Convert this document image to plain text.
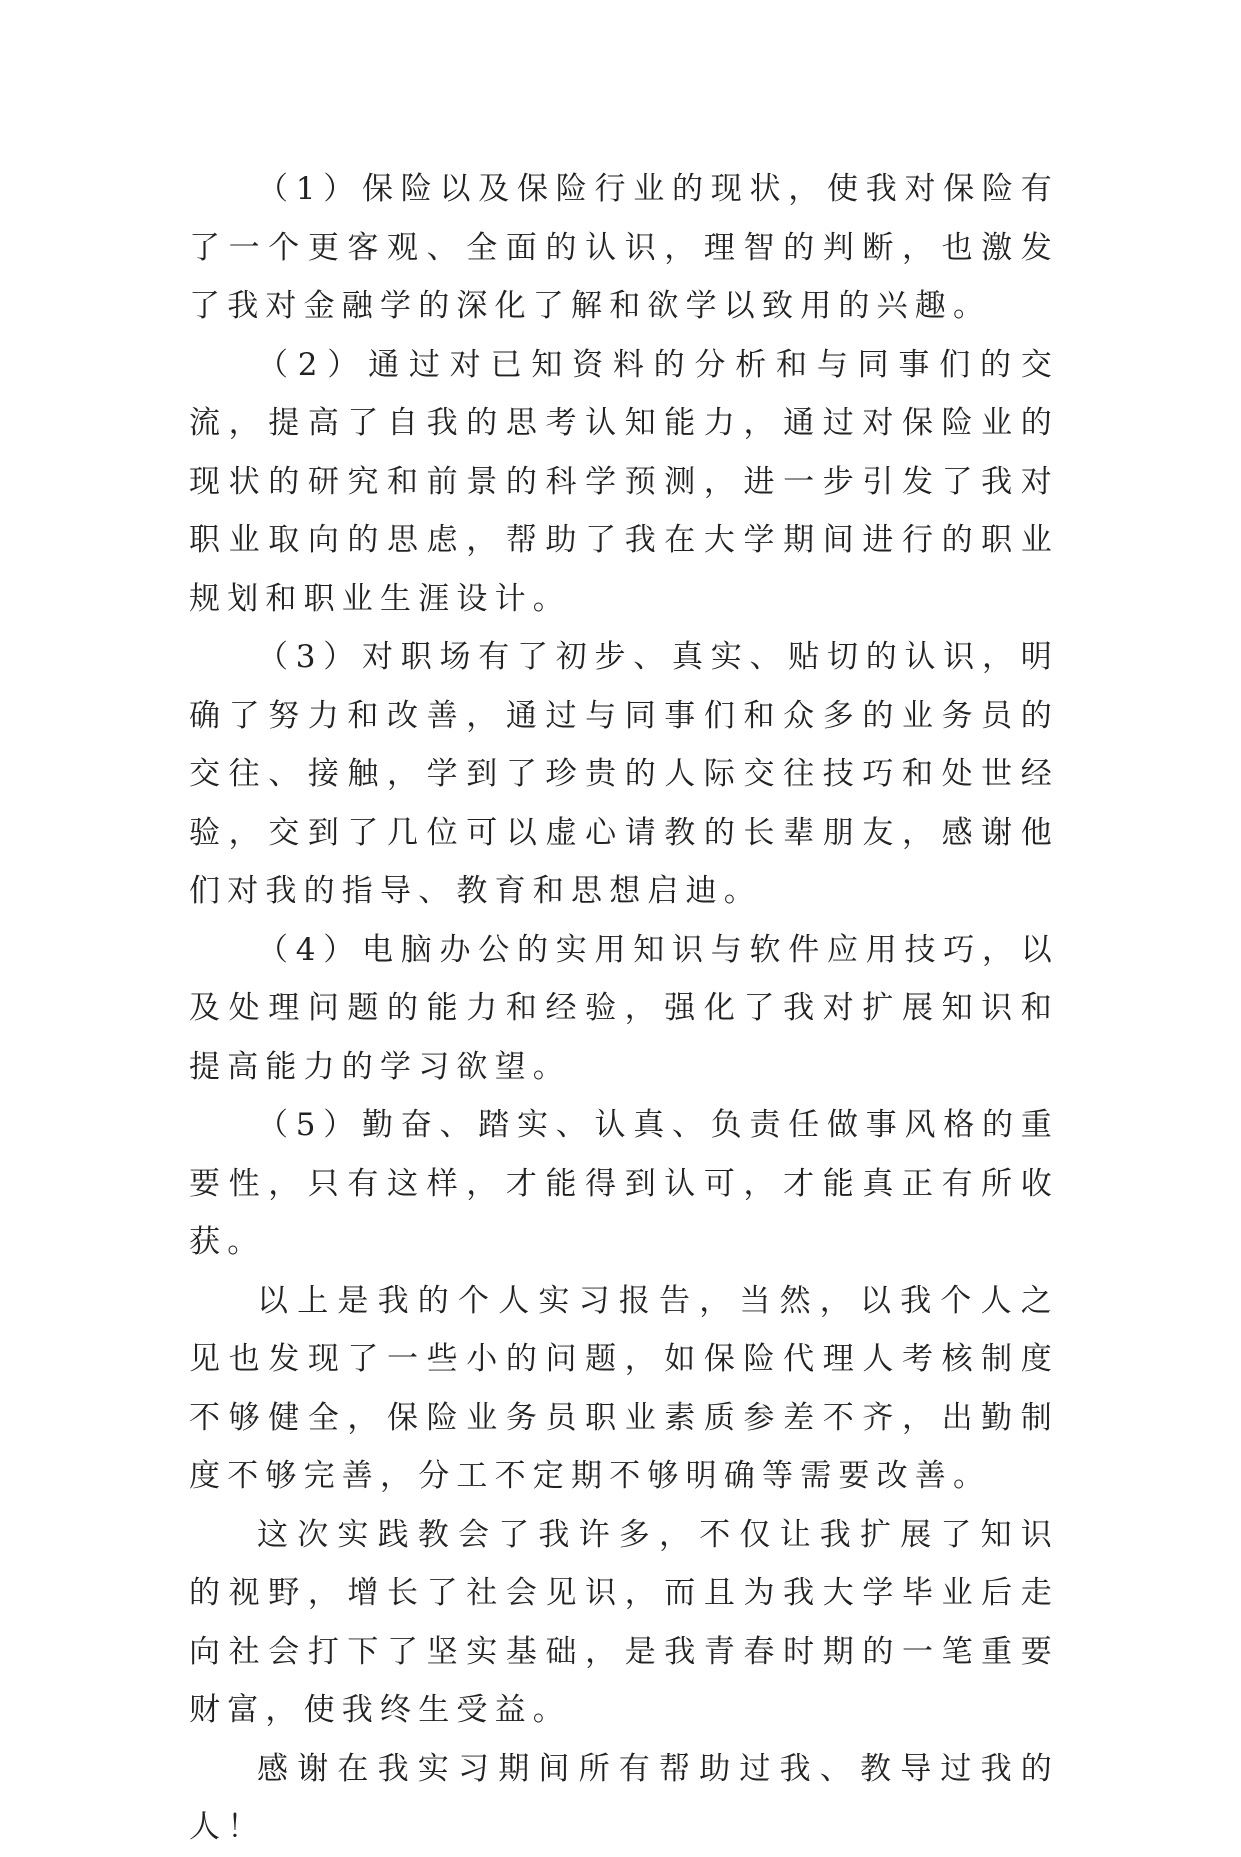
（1）保险以及保险行业的现状，使我对保险有了一个更客观、全面的认识，理智的判断，也激发了我对金融学的深化了解和欲学以致用的兴趣。

（2）通过对已知资料的分析和与同事们的交流，提高了自我的思考认知能力，通过对保险业的现状的研究和前景的科学预测，进一步引发了我对职业取向的思虑，帮助了我在大学期间进行的职业规划和职业生涯设计。

（3）对职场有了初步、真实、贴切的认识，明确了努力和改善，通过与同事们和众多的业务员的交往、接触，学到了珍贵的人际交往技巧和处世经验，交到了几位可以虚心请教的长辈朋友，感谢他们对我的指导、教育和思想启迪。

（4）电脑办公的实用知识与软件应用技巧，以及处理问题的能力和经验，强化了我对扩展知识和提高能力的学习欲望。

（5）勤奋、踏实、认真、负责任做事风格的重要性，只有这样，才能得到认可，才能真正有所收获。

以上是我的个人实习报告，当然，以我个人之见也发现了一些小的问题，如保险代理人考核制度不够健全，保险业务员职业素质参差不齐，出勤制度不够完善，分工不定期不够明确等需要改善。

这次实践教会了我许多，不仅让我扩展了知识的视野，增长了社会见识，而且为我大学毕业后走向社会打下了坚实基础，是我青春时期的一笔重要财富，使我终生受益。

感谢在我实习期间所有帮助过我、教导过我的人！
